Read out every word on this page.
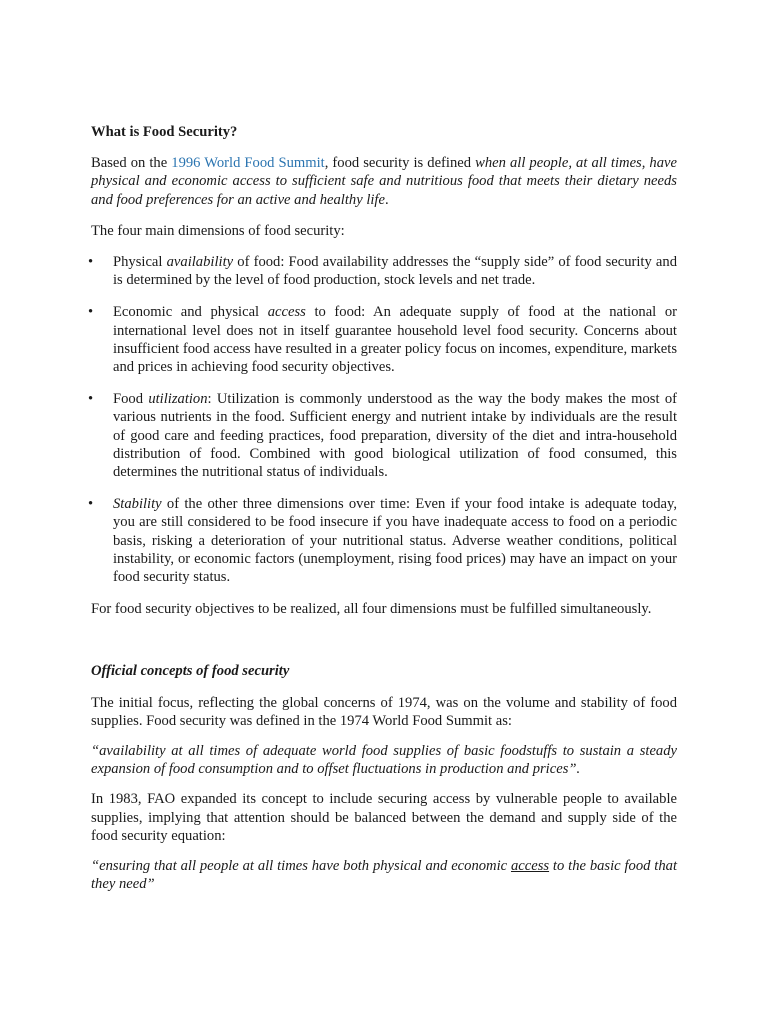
What is Food Security?

Based on the 1996 World Food Summit, food security is defined when all people, at all times, have physical and economic access to sufficient safe and nutritious food that meets their dietary needs and food preferences for an active and healthy life.

The four main dimensions of food security:

• Physical availability of food: Food availability addresses the “supply side” of food security and is determined by the level of food production, stock levels and net trade.
• Economic and physical access to food: An adequate supply of food at the national or international level does not in itself guarantee household level food security. Concerns about insufficient food access have resulted in a greater policy focus on incomes, expenditure, markets and prices in achieving food security objectives.
• Food utilization: Utilization is commonly understood as the way the body makes the most of various nutrients in the food. Sufficient energy and nutrient intake by individuals are the result of good care and feeding practices, food preparation, diversity of the diet and intra-household distribution of food. Combined with good biological utilization of food consumed, this determines the nutritional status of individuals.
• Stability of the other three dimensions over time: Even if your food intake is adequate today, you are still considered to be food insecure if you have inadequate access to food on a periodic basis, risking a deterioration of your nutritional status. Adverse weather conditions, political instability, or economic factors (unemployment, rising food prices) may have an impact on your food security status.

For food security objectives to be realized, all four dimensions must be fulfilled simultaneously.

Official concepts of food security

The initial focus, reflecting the global concerns of 1974, was on the volume and stability of food supplies. Food security was defined in the 1974 World Food Summit as:

“availability at all times of adequate world food supplies of basic foodstuffs to sustain a steady expansion of food consumption and to offset fluctuations in production and prices”.

In 1983, FAO expanded its concept to include securing access by vulnerable people to available supplies, implying that attention should be balanced between the demand and supply side of the food security equation:

“ensuring that all people at all times have both physical and economic access to the basic food that they need”
